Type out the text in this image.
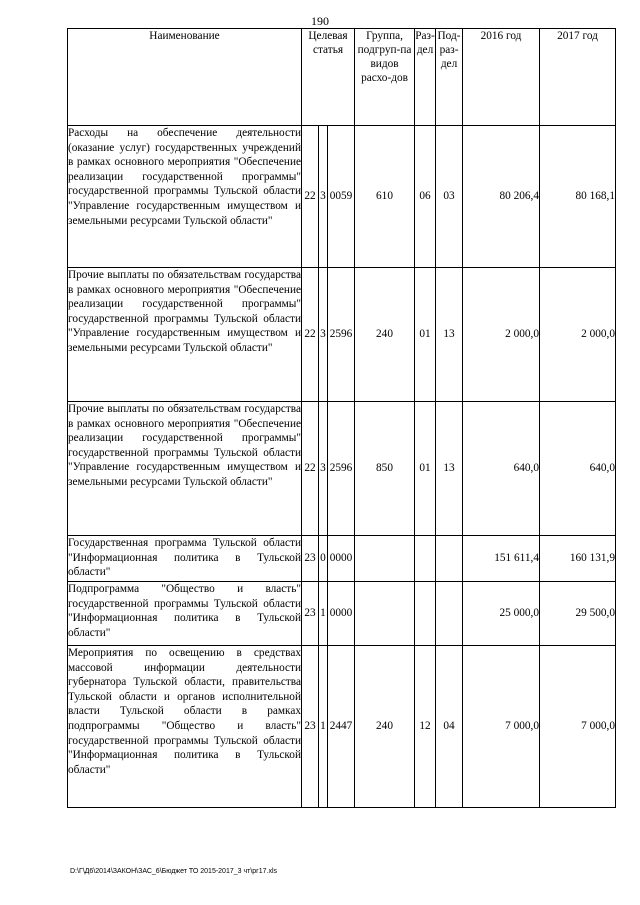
190
Наименование	Целевая статья			Группа, подгруп-па видов расхо-дов	Раз-дел	Под-раз-дел	2016 год	2017 год
Расходы на обеспечение деятельности (оказание услуг) государственных учреждений в рамках основного мероприятия "Обеспечение реализации государственной программы" государственной программы Тульской области "Управление государственным имуществом и земельными ресурсами Тульской области"	22	3	0059	610	06	03	80 206,4	80 168,1
Прочие выплаты по обязательствам государства в рамках основного мероприятия "Обеспечение реализации государственной программы" государственной программы Тульской области "Управление государственным имуществом и земельными ресурсами Тульской области"	22	3	2596	240	01	13	2 000,0	2 000,0
Прочие выплаты по обязательствам государства в рамках основного мероприятия "Обеспечение реализации государственной программы" государственной программы Тульской области "Управление государственным имуществом и земельными ресурсами Тульской области"	22	3	2596	850	01	13	640,0	640,0
Государственная программа Тульской области "Информационная политика в Тульской области"	23	0	0000				151 611,4	160 131,9
Подпрограмма "Общество и власть" государственной программы Тульской области "Информационная политика в Тульской области"	23	1	0000				25 000,0	29 500,0
Мероприятия по освещению в средствах массовой информации деятельности губернатора Тульской области, правительства Тульской области и органов исполнительной власти Тульской области в рамках подпрограммы "Общество и власть" государственной программы Тульской области "Информационная политика в Тульской области"	23	1	2447	240	12	04	7 000,0	7 000,0
D:\Г\Д6\2014\ЗАКОН\ЗАС_6\Бюджет ТО 2015-2017_3 чт\рг17.xls
